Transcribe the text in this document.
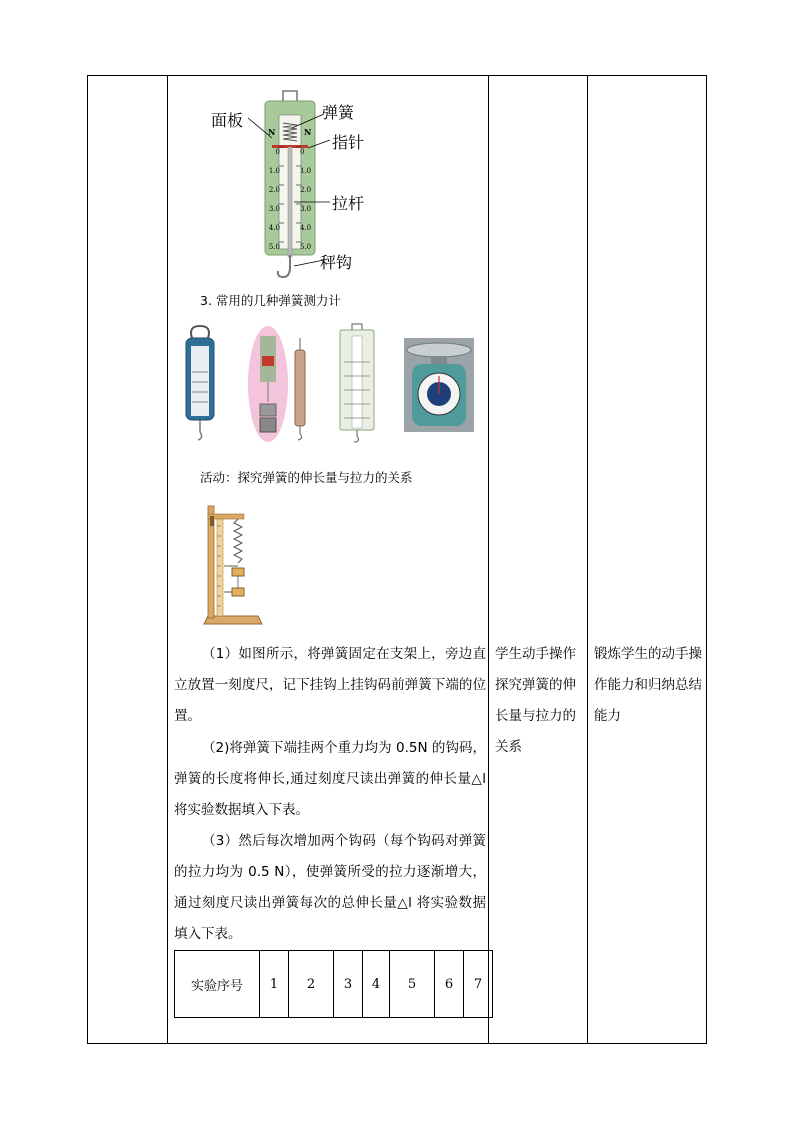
N	N
0
1.0
2.0
3.0
4.0
5.0
0
1.0
2.0
3.0
4.0
5.0
面板	弹簧
指针
拉杆
秤钩
3. 常用的几种弹簧测力计
活动：探究弹簧的伸长量与拉力的关系
（1）如图所示，将弹簧固定在支架上，旁边直立放置一刻度尺，记下挂钩上挂钩码前弹簧下端的位置。
（2)将弹簧下端挂两个重力均为 0.5N 的钩码，弹簧的长度将伸长,通过刻度尺读出弹簧的伸长量△l 将实验数据填入下表。
（3）然后每次增加两个钩码（每个钩码对弹簧的拉力均为 0.5 N），使弹簧所受的拉力逐渐增大，通过刻度尺读出弹簧每次的总伸长量△l 将实验数据填入下表。
学生动手操作探究弹簧的伸长量与拉力的关系
锻炼学生的动手操作能力和归纳总结能力
实验序号	1	2	3	4	5	6	7
